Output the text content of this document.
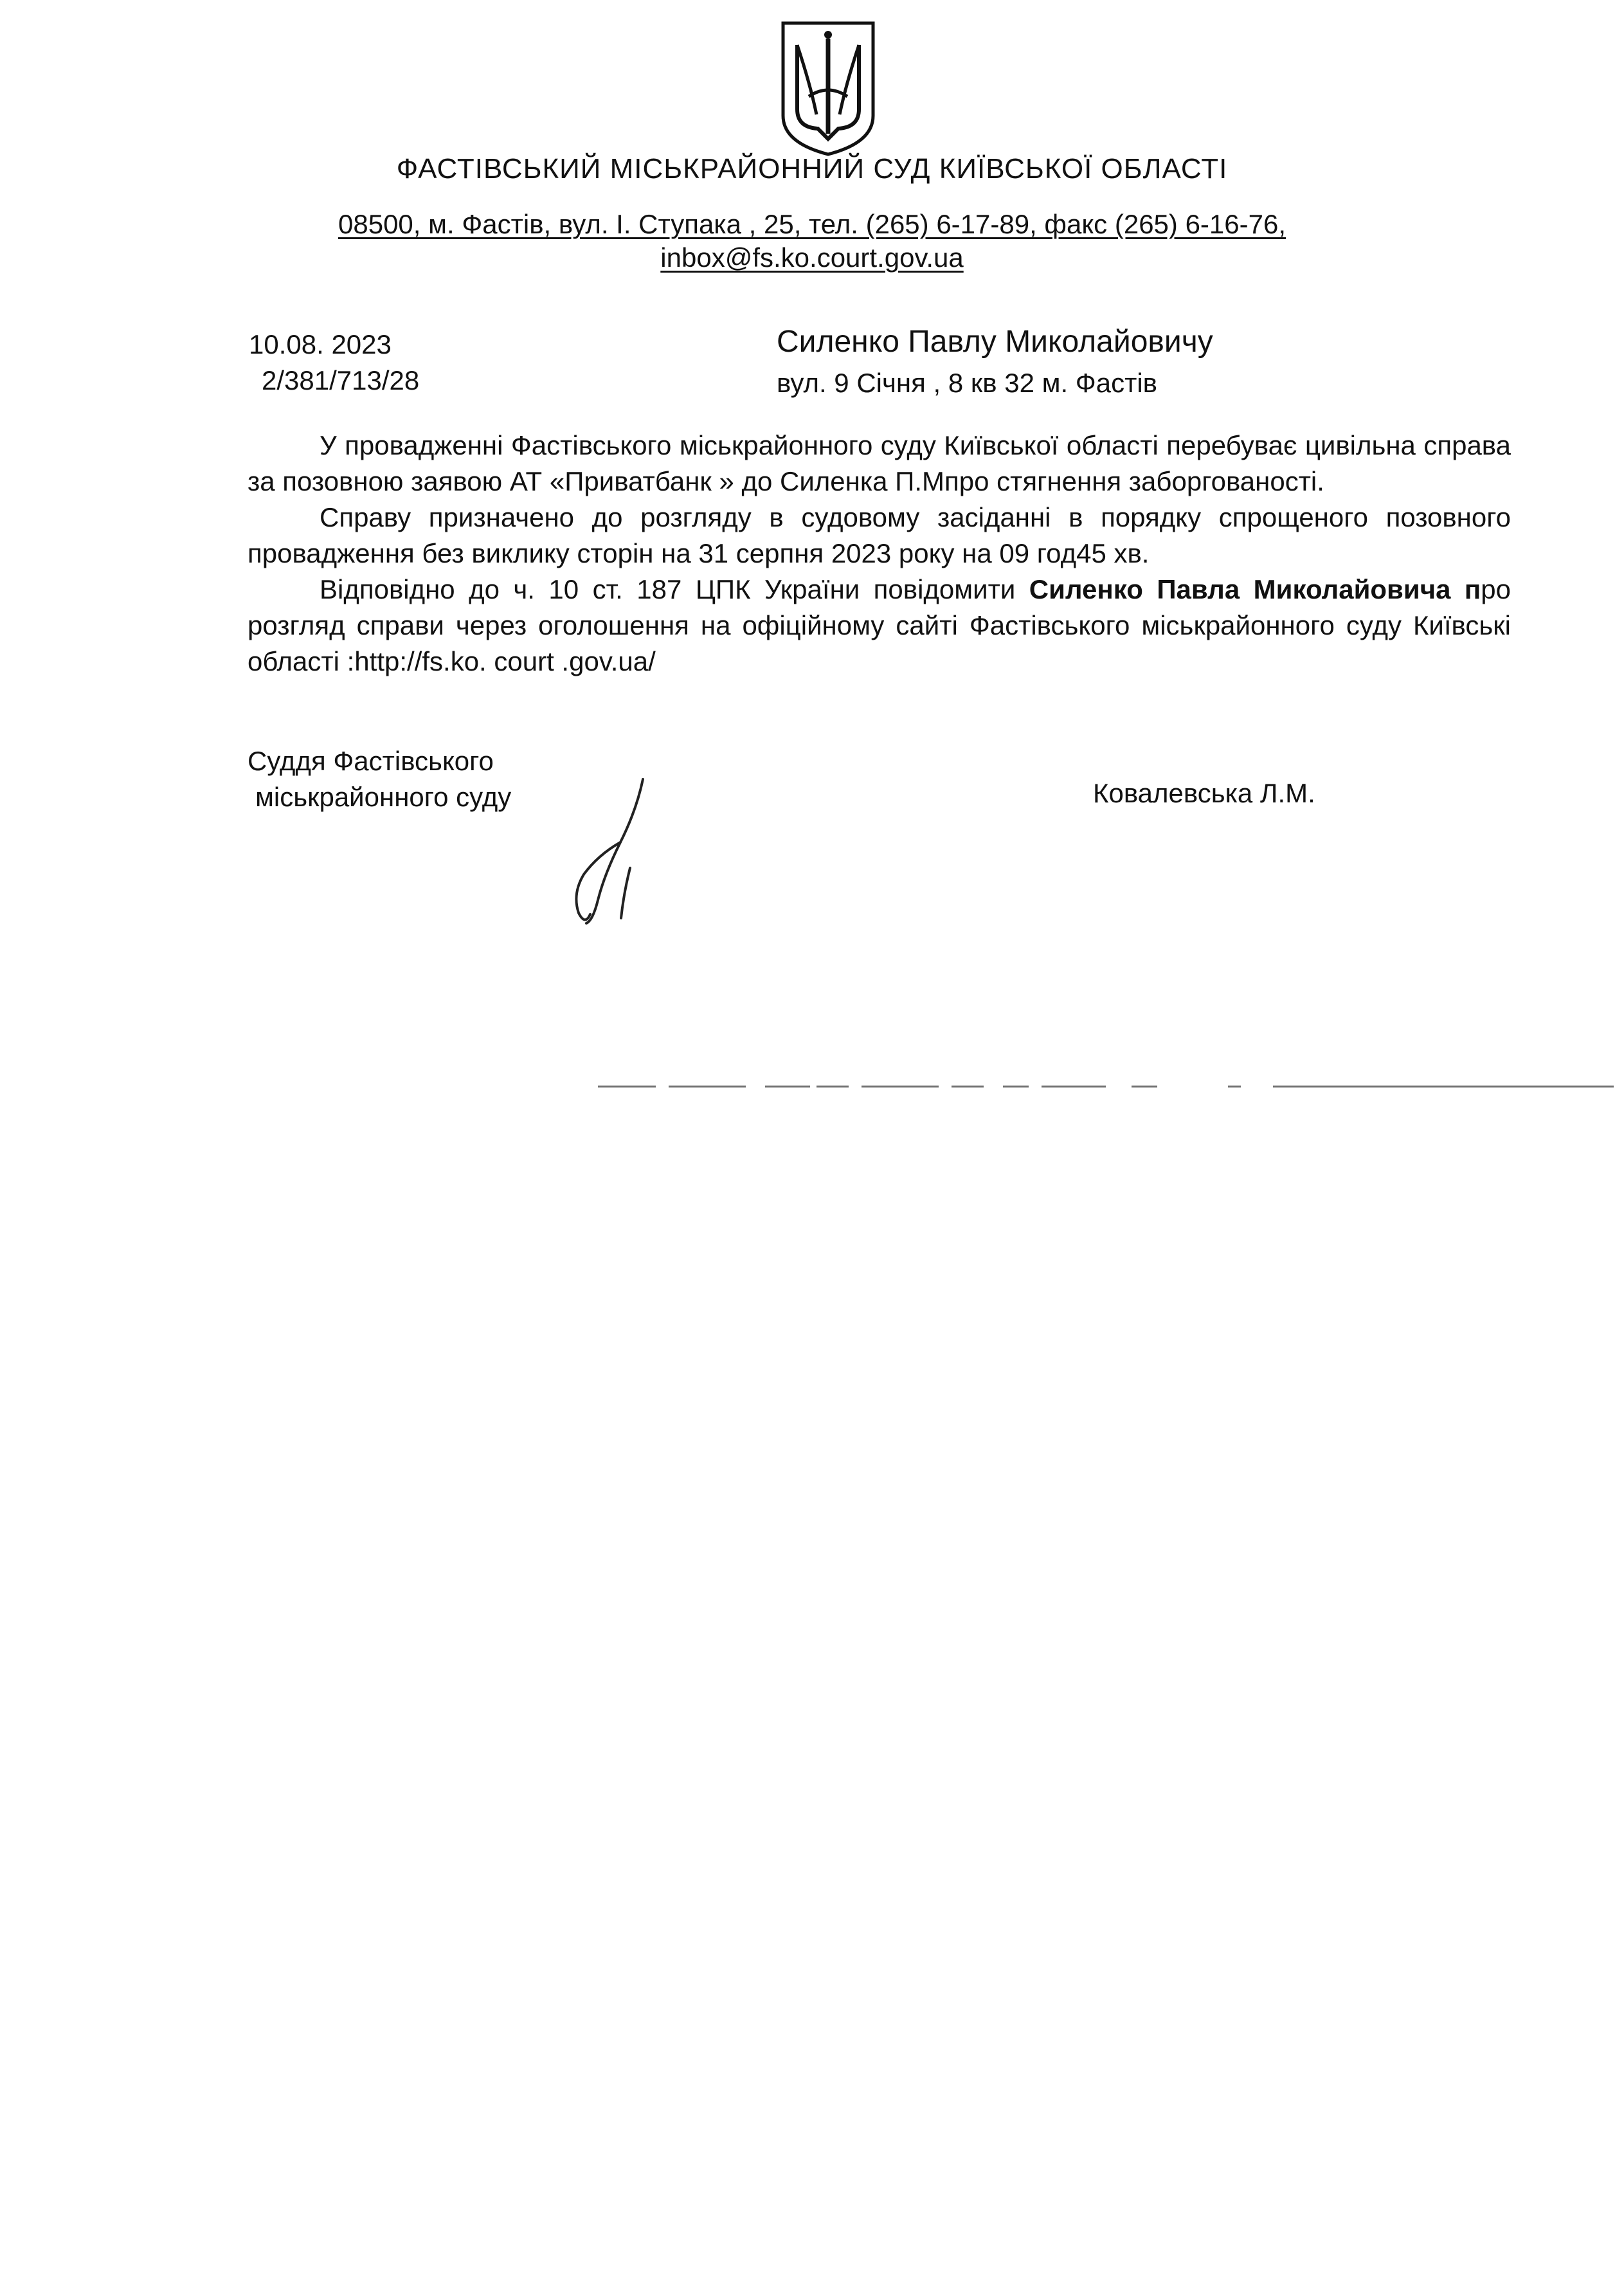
ФАСТІВСЬКИЙ МІСЬКРАЙОННИЙ СУД КИЇВСЬКОЇ ОБЛАСТІ
08500, м. Фастів, вул. І. Ступака , 25, тел. (265) 6-17-89, факс (265) 6-16-76,
inbox@fs.ko.court.gov.ua
10.08. 2023
2/381/713/28
Силенко Павлу Миколайовичу
вул. 9 Січня , 8 кв 32 м. Фастів

У провадженні Фастівського міськрайонного суду Київської області перебуває цивільна справа за позовною заявою АТ «Приватбанк » до Силенка П.Мпро стягнення заборгованості.

Справу призначено до розгляду в судовому засіданні в порядку спрощеного позовного провадження без виклику сторін на 31 серпня 2023 року на 09 год45 хв.

Відповідно до ч. 10 ст. 187 ЦПК України повідомити Силенко Павла Миколайовича про розгляд справи через оголошення на офіційному сайті Фастівського міськрайонного суду Київські області :http://fs.ko. court .gov.ua/

Суддя Фастівського
міськрайонного суду	Ковалевська Л.М.
